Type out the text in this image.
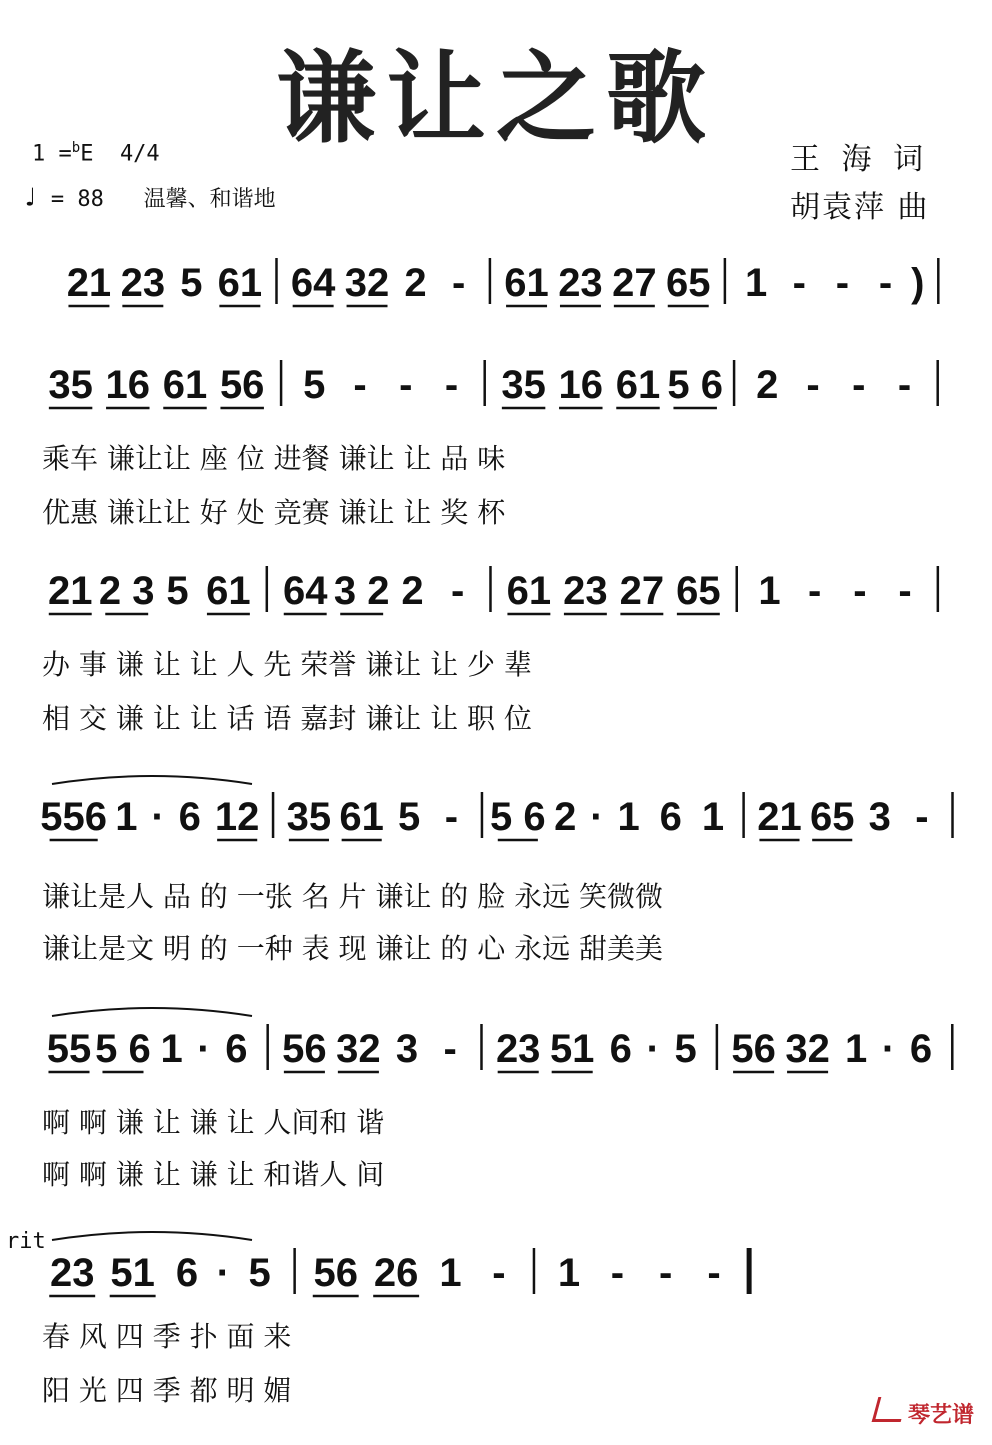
谦让之歌
1 =$^b$E 4/4
♩ = 88 温馨、和谐地
王 海 词
胡袁萍 曲
21 23 5 61 64 32 2 - 61 23 27 65 1 - - - )
35 16 61 56 5 - - - 35 16 61 5 6 2 - - -
乘车 谦让让 座 位 进餐 谦让 让 品 味
优惠 谦让让 好 处 竞赛 谦让 让 奖 杯
21 2 3 5 61 64 3 2 2 - 61 23 27 65 1 - - -
办 事 谦 让 让 人 先 荣誉 谦让 让 少 辈
相 交 谦 让 让 话 语 嘉封 谦让 让 职 位
556 1 · 6 12 35 61 5 - 5 6 2 · 1 6 1 21 65 3 -
谦让是人 品 的 一张 名 片 谦让 的 脸 永远 笑微微
谦让是文 明 的 一种 表 现 谦让 的 心 永远 甜美美
55 5 6 1 · 6 56 32 3 - 23 51 6 · 5 56 32 1 · 6
啊 啊 谦 让 谦 让 人间和 谐
啊 啊 谦 让 谦 让 和谐人 间
23 51 6 · 5 56 26 1 - 1 - - -
春 风 四 季 扑 面 来
阳 光 四 季 都 明 媚
rit
琴艺谱
